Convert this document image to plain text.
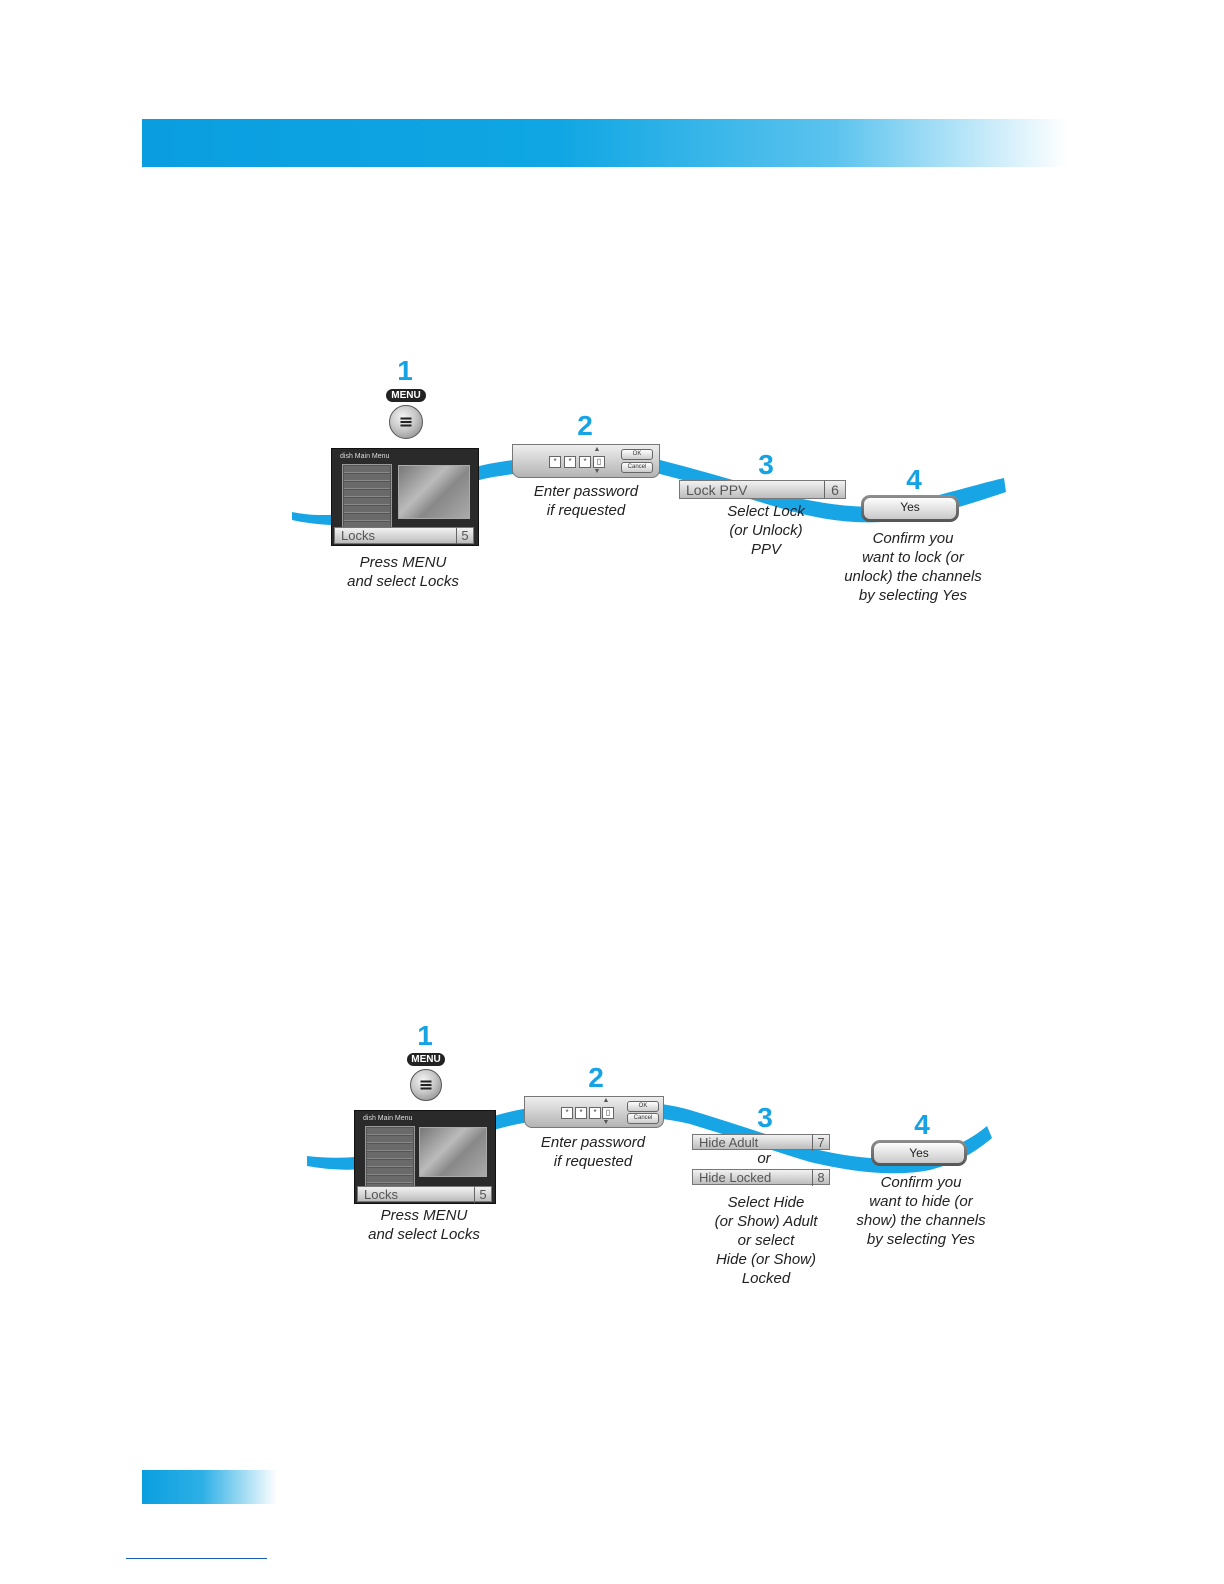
1
MENU
dish Main Menu
Locks	5
Press MENU
and select Locks
2
*	*	*	▯
▲
▼
OK
Cancel
Enter password
if requested
3
Lock PPV	6
Select Lock
(or Unlock)
PPV
4
Yes
Confirm you
want to lock (or
unlock) the channels
by selecting Yes
1
MENU
dish Main Menu
Locks	5
Press MENU
and select Locks
2
*	*	*	▯
▲
▼
OK
Cancel
Enter password
if requested
3
Hide Adult	7
or
Hide Locked	8
Select Hide
(or Show) Adult
or select
Hide (or Show)
Locked
4
Yes
Confirm you
want to hide (or
show) the channels
by selecting Yes
